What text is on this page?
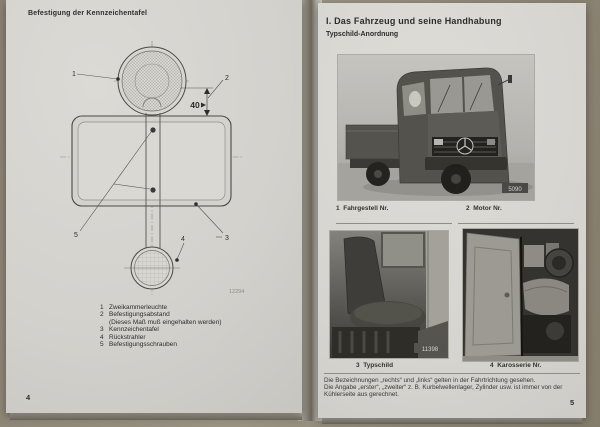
Befestigung der Kennzeichentafel
40
1
2
3
4
5
12294
1 Zweikammerleuchte
2 Befestigungsabstand
(Dieses Maß muß eingehalten werden)
3 Kennzeichentafel
4 Rückstrahler
5 Befestigungsschrauben
4
I. Das Fahrzeug und seine Handhabung
Typschild-Anordnung
5090
1  Fahrgestell Nr.	2  Motor Nr.
11398
3  Typschild	4  Karosserie Nr.
Die Bezeichnungen „rechts“ und „links“ gelten in der Fahrtrichtung gesehen.
Die Angabe „erster“, „zweiter“ z. B. Kurbelwellenlager, Zylinder usw. ist immer von der
Kühlerseite aus gerechnet.
5
